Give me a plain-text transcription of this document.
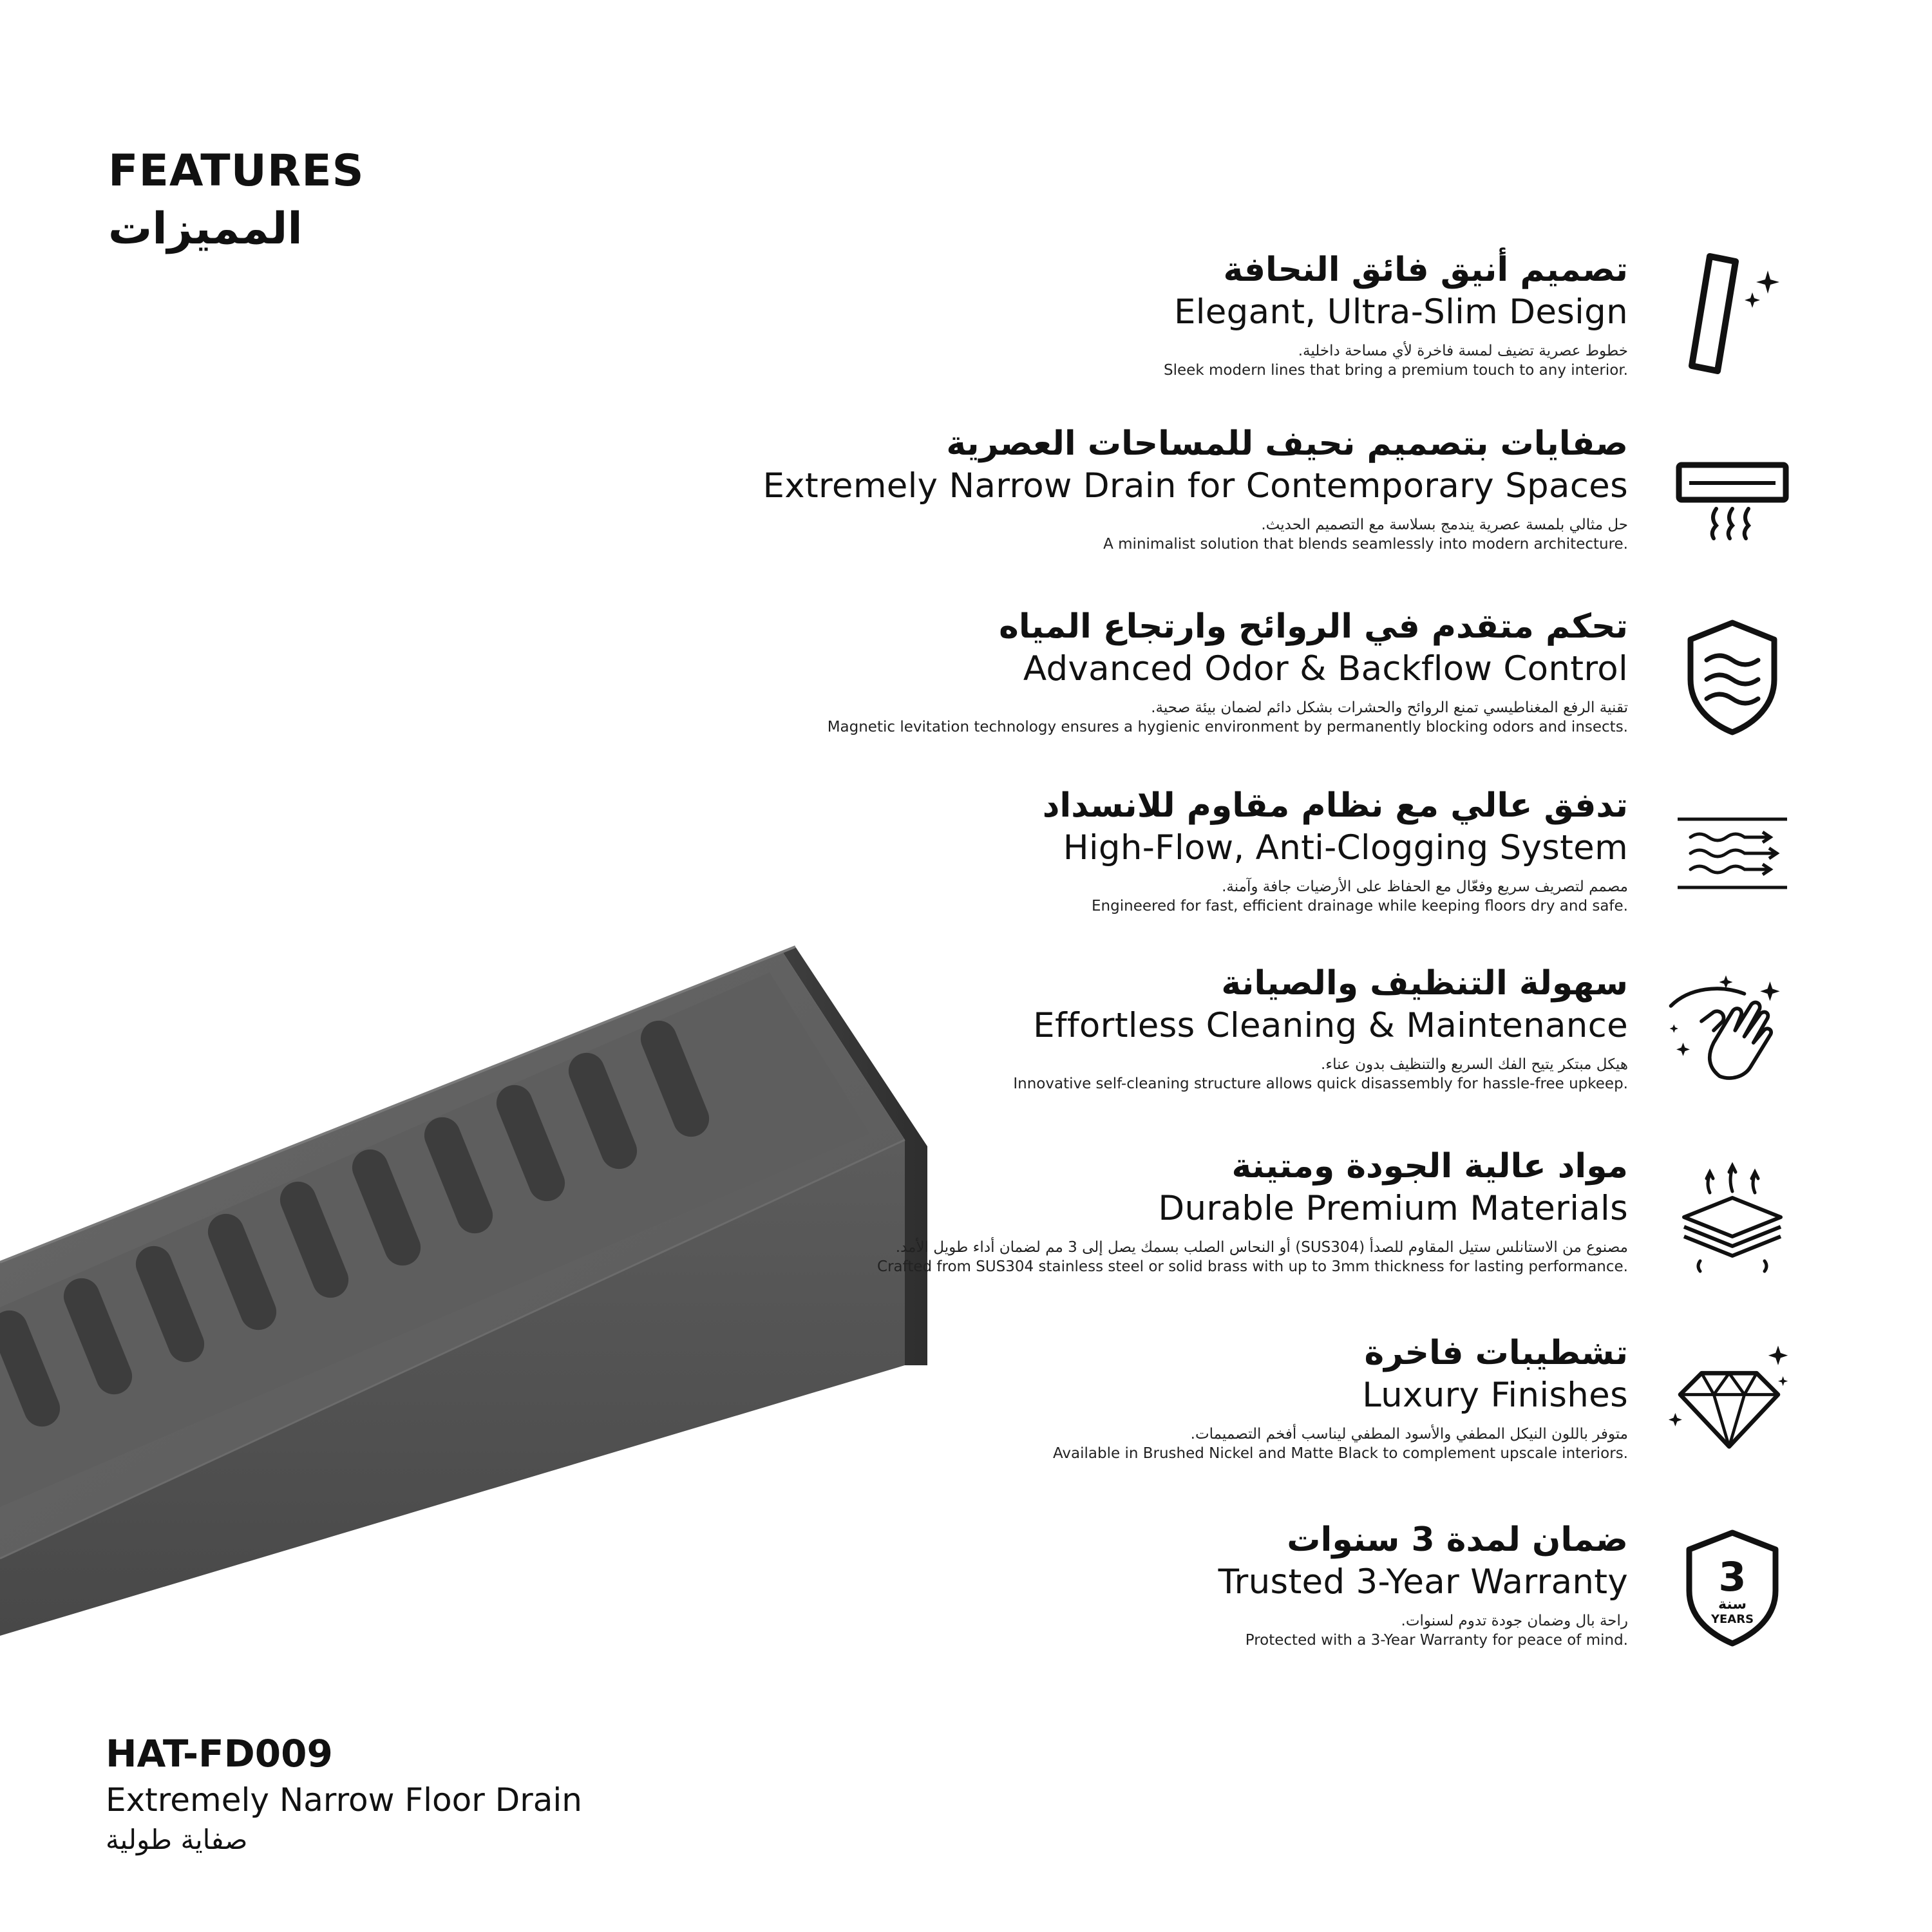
FEATURES
المميزات
تصميم أنيق فائق النحافة
Elegant, Ultra-Slim Design
خطوط عصرية تضيف لمسة فاخرة لأي مساحة داخلية.
Sleek modern lines that bring a premium touch to any interior.
صفايات بتصميم نحيف للمساحات العصرية
Extremely Narrow Drain for Contemporary Spaces
حل مثالي بلمسة عصرية يندمج بسلاسة مع التصميم الحديث.
A minimalist solution that blends seamlessly into modern architecture.
تحكم متقدم في الروائح وارتجاع المياه
Advanced Odor & Backflow Control
تقنية الرفع المغناطيسي تمنع الروائح والحشرات بشكل دائم لضمان بيئة صحية.
Magnetic levitation technology ensures a hygienic environment by permanently blocking odors and insects.
تدفق عالي مع نظام مقاوم للانسداد
High-Flow, Anti-Clogging System
مصمم لتصريف سريع وفعّال مع الحفاظ على الأرضيات جافة وآمنة.
Engineered for fast, efficient drainage while keeping floors dry and safe.
سهولة التنظيف والصيانة
Effortless Cleaning & Maintenance
هيكل مبتكر يتيح الفك السريع والتنظيف بدون عناء.
Innovative self-cleaning structure allows quick disassembly for hassle-free upkeep.
مواد عالية الجودة ومتينة
Durable Premium Materials
مصنوع من الاستانلس ستيل المقاوم للصدأ (SUS304) أو النحاس الصلب بسمك يصل إلى 3 مم لضمان أداء طويل الأمد.
Crafted from SUS304 stainless steel or solid brass with up to 3mm thickness for lasting performance.
تشطيبات فاخرة
Luxury Finishes
متوفر باللون النيكل المطفي والأسود المطفي ليناسب أفخم التصميمات.
Available in Brushed Nickel and Matte Black to complement upscale interiors.
ضمان لمدة 3 سنوات
Trusted 3-Year Warranty
راحة بال وضمان جودة تدوم لسنوات.
Protected with a 3-Year Warranty for peace of mind.
3
سنة
YEARS
HAT-FD009
Extremely Narrow Floor Drain
صفاية طولية
